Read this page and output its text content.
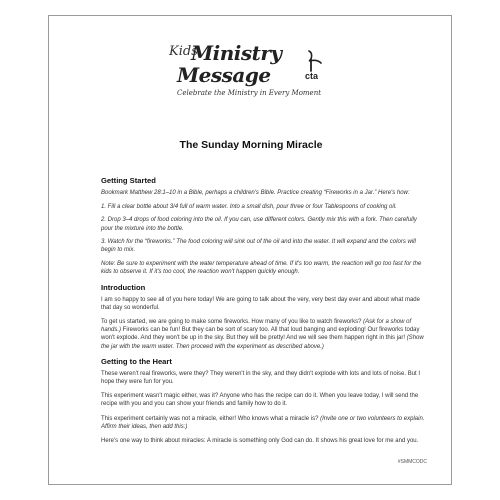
Kids
Ministry
Message
Celebrate the Ministry in Every Moment
cta
The Sunday Morning Miracle
Getting Started

Bookmark Matthew 28:1–10 in a Bible, perhaps a children's Bible. Practice creating “Fireworks in a Jar.” Here's how:

1. Fill a clear bottle about 3/4 full of warm water. Into a small dish, pour three or four Tablespoons of cooking oil.
2. Drop 3–4 drops of food coloring into the oil. If you can, use different colors. Gently mix this with a fork. Then carefully pour the mixture into the bottle.
3. Watch for the “fireworks.” The food coloring will sink out of the oil and into the water. It will expand and the colors will begin to mix.

Note: Be sure to experiment with the water temperature ahead of time. If it's too warm, the reaction will go too fast for the kids to observe it. If it's too cool, the reaction won't happen quickly enough.

Introduction

I am so happy to see all of you here today! We are going to talk about the very, very best day ever and about what made that day so wonderful.

To get us started, we are going to make some fireworks. How many of you like to watch fireworks? (Ask for a show of hands.) Fireworks can be fun! But they can be sort of scary too. All that loud banging and exploding! Our fireworks today won't explode. And they won't be up in the sky. But they will be pretty! And we will see them happen right in this jar! (Show the jar with the warm water. Then proceed with the experiment as described above.)

Getting to the Heart

These weren't real fireworks, were they? They weren't in the sky, and they didn't explode with lots and lots of noise. But I hope they were fun for you.

This experiment wasn't magic either, was it? Anyone who has the recipe can do it. When you leave today, I will send the recipe with you and you can show your friends and family how to do it.

This experiment certainly was not a miracle, either! Who knows what a miracle is? (Invite one or two volunteers to explain. Affirm their ideas, then add this:)

Here's one way to think about miracles: A miracle is something only God can do. It shows his great love for me and you.

#SMMCODC
